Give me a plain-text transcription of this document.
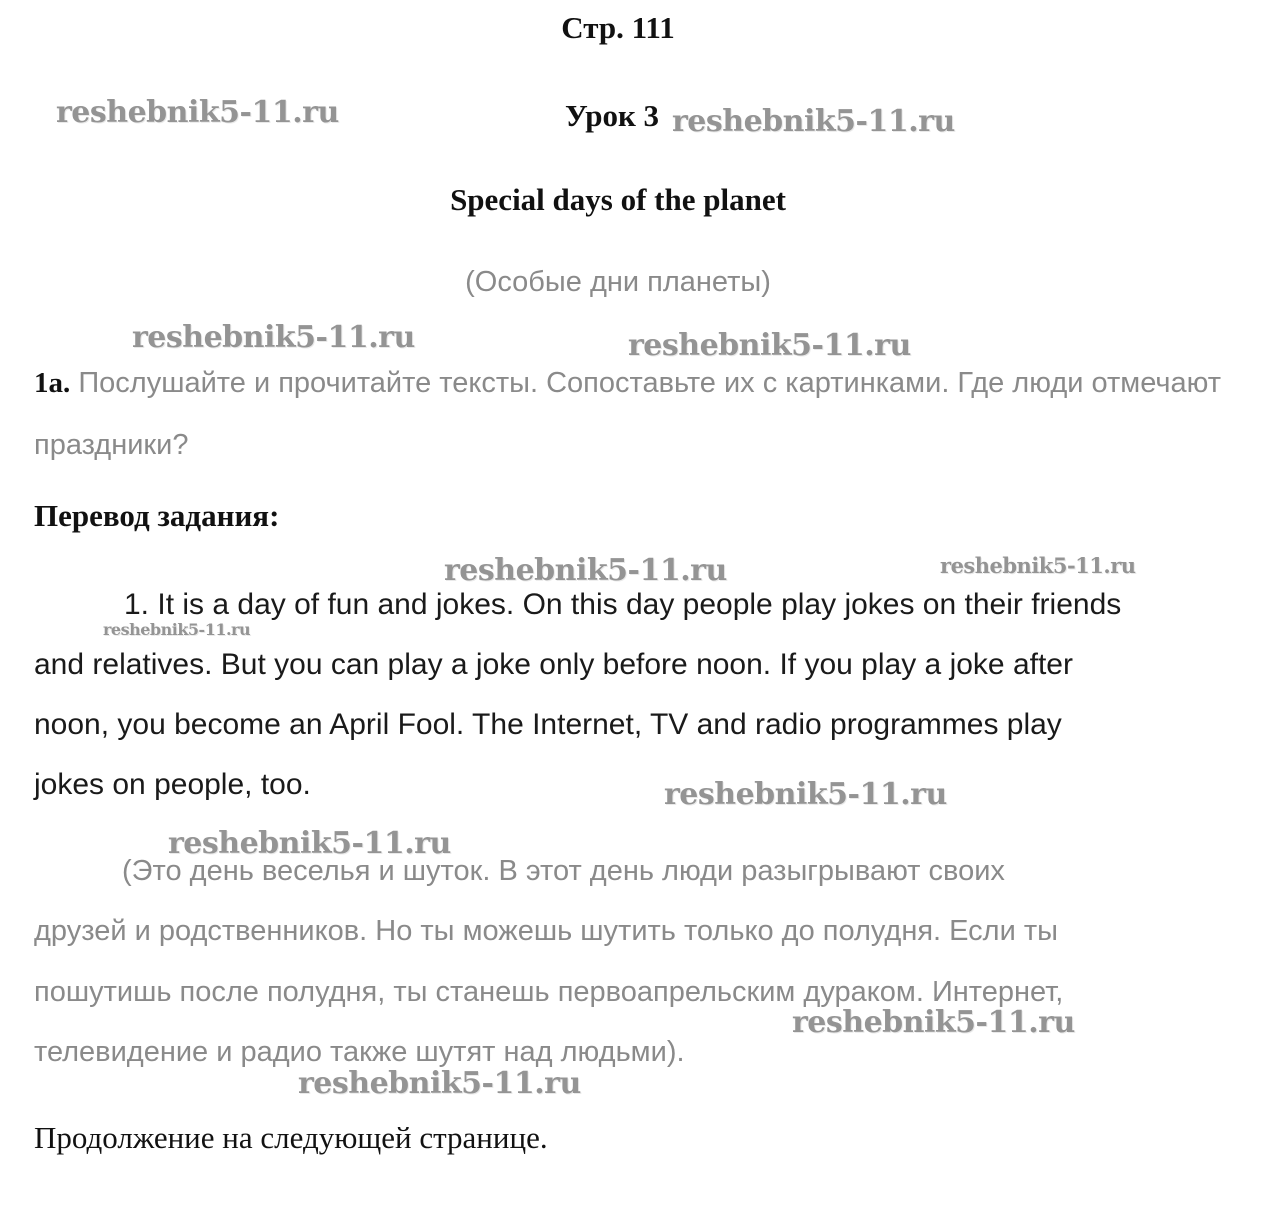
Стр. 111
Урок 3
Special days of the planet
(Особые дни планеты)
1a. Послушайте и прочитайте тексты. Сопоставьте их с картинками. Где люди отмечают праздники?
Перевод задания:
1. It is a day of fun and jokes. On this day people play jokes on their friends
and relatives. But you can play a joke only before noon. If you play a joke after
noon, you become an April Fool. The Internet, TV and radio programmes play
jokes on people, too.
(Это день веселья и шуток. В этот день люди разыгрывают своих
друзей и родственников. Но ты можешь шутить только до полудня. Если ты
пошутишь после полудня, ты станешь первоапрельским дураком. Интернет,
телевидение и радио также шутят над людьми).
Продолжение на следующей странице.
reshebnik5-11.ru	reshebnik5-11.ru
reshebnik5-11.ru	reshebnik5-11.ru
reshebnik5-11.ru	reshebnik5-11.ru
reshebnik5-11.ru
reshebnik5-11.ru
reshebnik5-11.ru
reshebnik5-11.ru
reshebnik5-11.ru
